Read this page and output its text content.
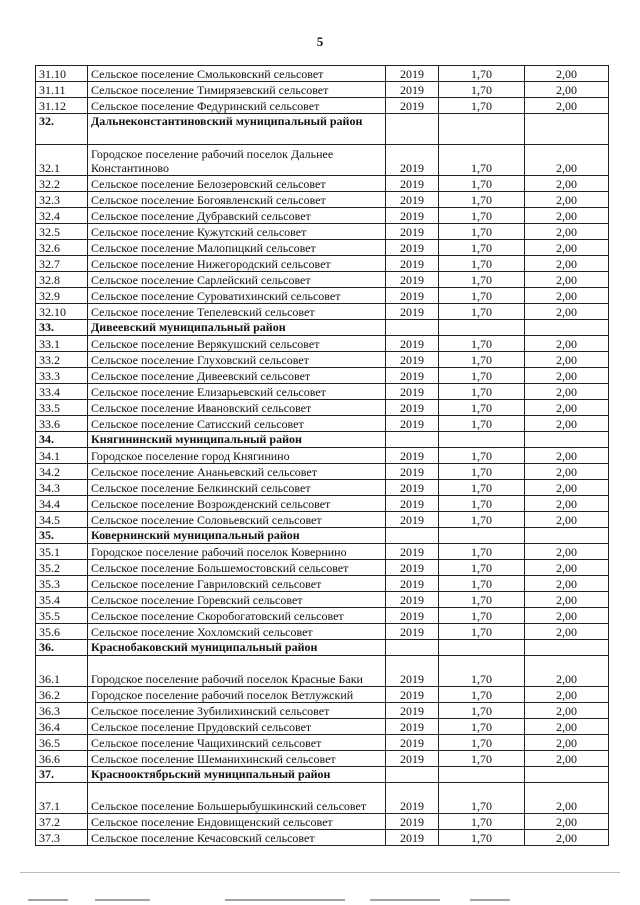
5
31.10	Сельское поселение Смольковский сельсовет	2019	1,70	2,00
31.11	Сельское поселение Тимирязевский сельсовет	2019	1,70	2,00
31.12	Сельское поселение Федуринский сельсовет	2019	1,70	2,00
32.	Дальнеконстантиновский муниципальный район			
32.1	Городское поселение рабочий поселок Дальнее Константиново	2019	1,70	2,00
32.2	Сельское поселение Белозеровский сельсовет	2019	1,70	2,00
32.3	Сельское поселение Богоявленский сельсовет	2019	1,70	2,00
32.4	Сельское поселение Дубравский сельсовет	2019	1,70	2,00
32.5	Сельское поселение Кужутский сельсовет	2019	1,70	2,00
32.6	Сельское поселение Малопицкий сельсовет	2019	1,70	2,00
32.7	Сельское поселение Нижегородский сельсовет	2019	1,70	2,00
32.8	Сельское поселение Сарлейский сельсовет	2019	1,70	2,00
32.9	Сельское поселение Суроватихинский сельсовет	2019	1,70	2,00
32.10	Сельское поселение Тепелевский сельсовет	2019	1,70	2,00
33.	Дивеевский муниципальный район			
33.1	Сельское поселение Верякушский сельсовет	2019	1,70	2,00
33.2	Сельское поселение Глуховский сельсовет	2019	1,70	2,00
33.3	Сельское поселение Дивеевский сельсовет	2019	1,70	2,00
33.4	Сельское поселение Елизарьевский сельсовет	2019	1,70	2,00
33.5	Сельское поселение Ивановский сельсовет	2019	1,70	2,00
33.6	Сельское поселение Сатисский сельсовет	2019	1,70	2,00
34.	Княгининский муниципальный район			
34.1	Городское поселение город Княгинино	2019	1,70	2,00
34.2	Сельское поселение Ананьевский сельсовет	2019	1,70	2,00
34.3	Сельское поселение Белкинский сельсовет	2019	1,70	2,00
34.4	Сельское поселение Возрожденский сельсовет	2019	1,70	2,00
34.5	Сельское поселение Соловьевский сельсовет	2019	1,70	2,00
35.	Ковернинский муниципальный район			
35.1	Городское поселение рабочий поселок Ковернино	2019	1,70	2,00
35.2	Сельское поселение Большемостовский сельсовет	2019	1,70	2,00
35.3	Сельское поселение Гавриловский сельсовет	2019	1,70	2,00
35.4	Сельское поселение Горевский сельсовет	2019	1,70	2,00
35.5	Сельское поселение Скоробогатовский сельсовет	2019	1,70	2,00
35.6	Сельское поселение Хохломский сельсовет	2019	1,70	2,00
36.	Краснобаковский муниципальный район			
36.1	Городское поселение рабочий поселок Красные Баки	2019	1,70	2,00
36.2	Городское поселение рабочий поселок Ветлужский	2019	1,70	2,00
36.3	Сельское поселение Зубилихинский сельсовет	2019	1,70	2,00
36.4	Сельское поселение Прудовский сельсовет	2019	1,70	2,00
36.5	Сельское поселение Чащихинский сельсовет	2019	1,70	2,00
36.6	Сельское поселение Шеманихинский сельсовет	2019	1,70	2,00
37.	Краснооктябрьский муниципальный район			
37.1	Сельское поселение Большерыбушкинский сельсовет	2019	1,70	2,00
37.2	Сельское поселение Ендовищенский сельсовет	2019	1,70	2,00
37.3	Сельское поселение Кечасовский сельсовет	2019	1,70	2,00
